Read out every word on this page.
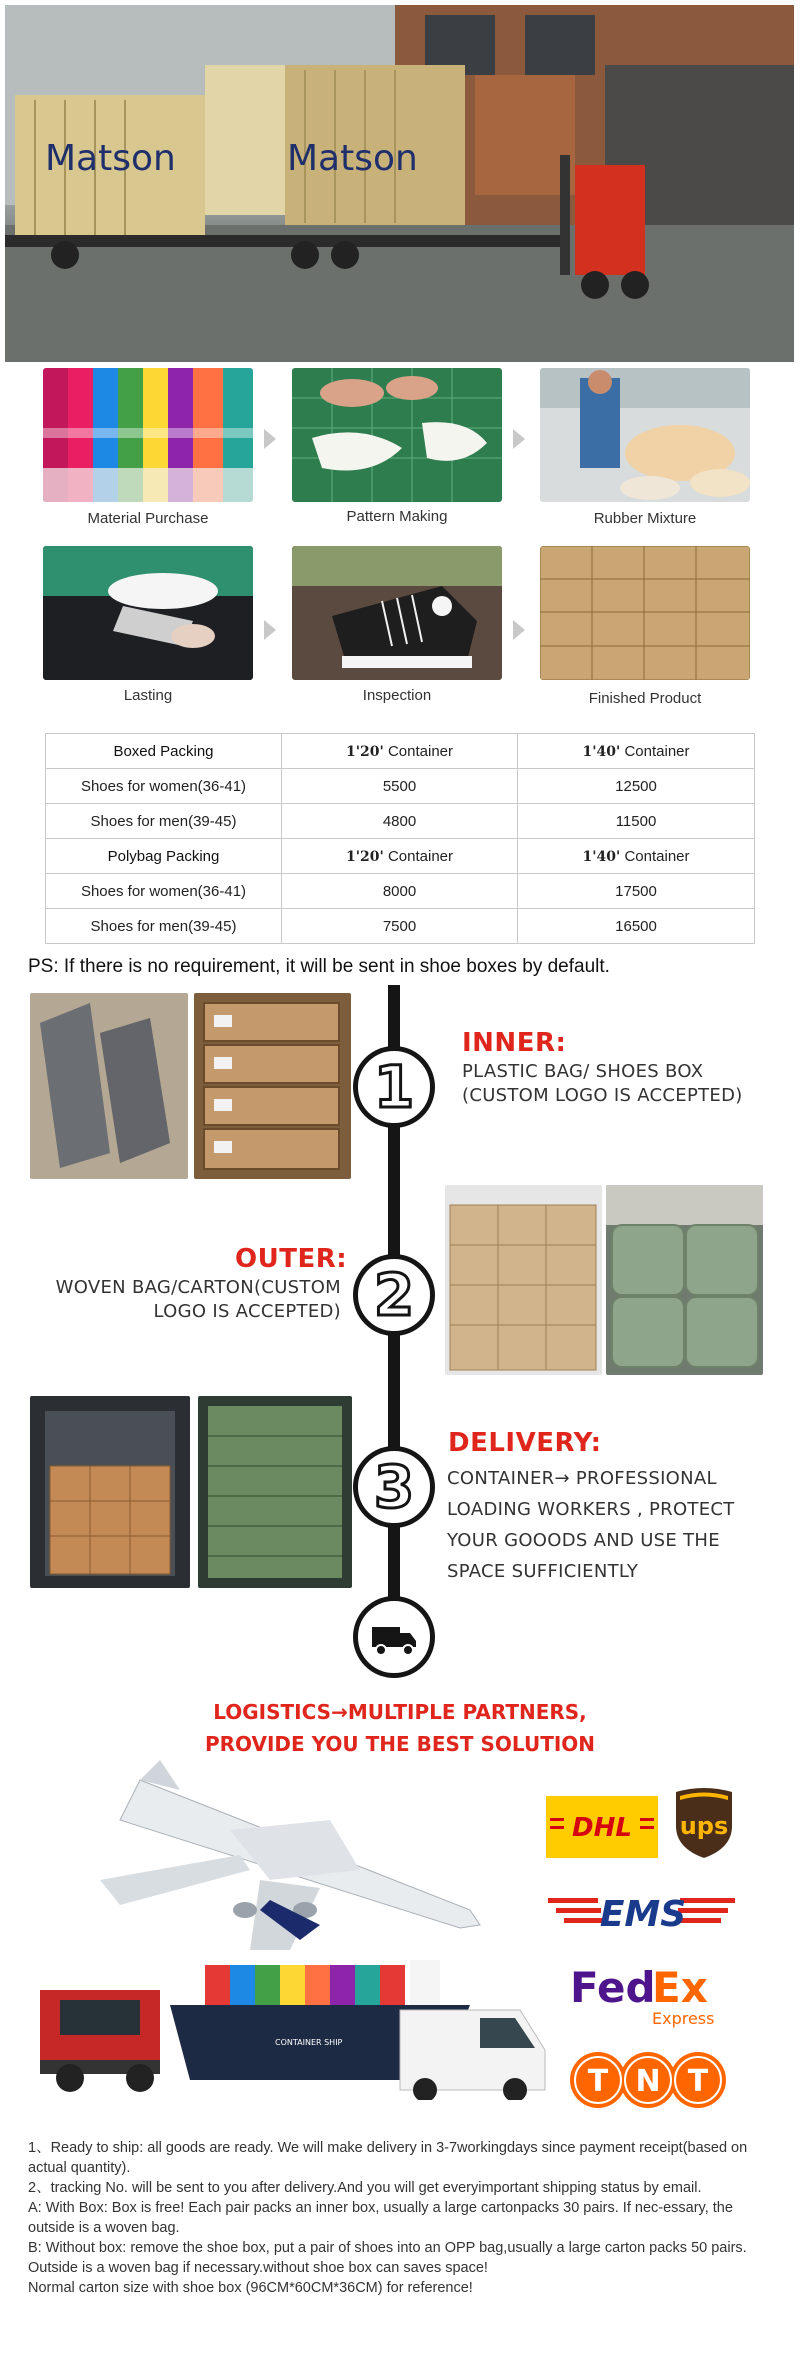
Matson	Matson
Material Purchase	Pattern Making	Rubber Mixture
Lasting	Inspection	Finished Product
Boxed Packing	1'20' Container	1'40' Container
Shoes for women(36-41)	5500	12500
Shoes for men(39-45)	4800	11500
Polybag Packing	1'20' Container	1'40' Container
Shoes for women(36-41)	8000	17500
Shoes for men(39-45)	7500	16500
PS: If there is no requirement, it will be sent in shoe boxes by default.
1
INNER:
PLASTIC BAG/ SHOES BOX
(CUSTOM LOGO IS ACCEPTED)
OUTER:
WOVEN BAG/CARTON(CUSTOM
LOGO IS ACCEPTED) 2
3
DELIVERY:
CONTAINER→ PROFESSIONAL
LOADING WORKERS , PROTECT
YOUR GOOODS AND USE THE
SPACE SUFFICIENTLY
LOGISTICS→MULTIPLE PARTNERS,
PROVIDE YOU THE BEST SOLUTION
CONTAINER SHIP
DHL ups
EMS
Fed
Ex
Express
T N T

1、Ready to ship: all goods are ready. We will make delivery in 3-7workingdays since payment receipt(based on actual quantity).

2、tracking No. will be sent to you after delivery.And you will get everyimportant shipping status by email.

A: With Box: Box is free! Each pair packs an inner box, usually a large cartonpacks 30 pairs. If nec-essary, the outside is a woven bag.

B: Without box: remove the shoe box, put a pair of shoes into an OPP bag,usually a large carton packs 50 pairs. Outside is a woven bag if necessary.without shoe box can saves space!

Normal carton size with shoe box (96CM*60CM*36CM) for reference!
